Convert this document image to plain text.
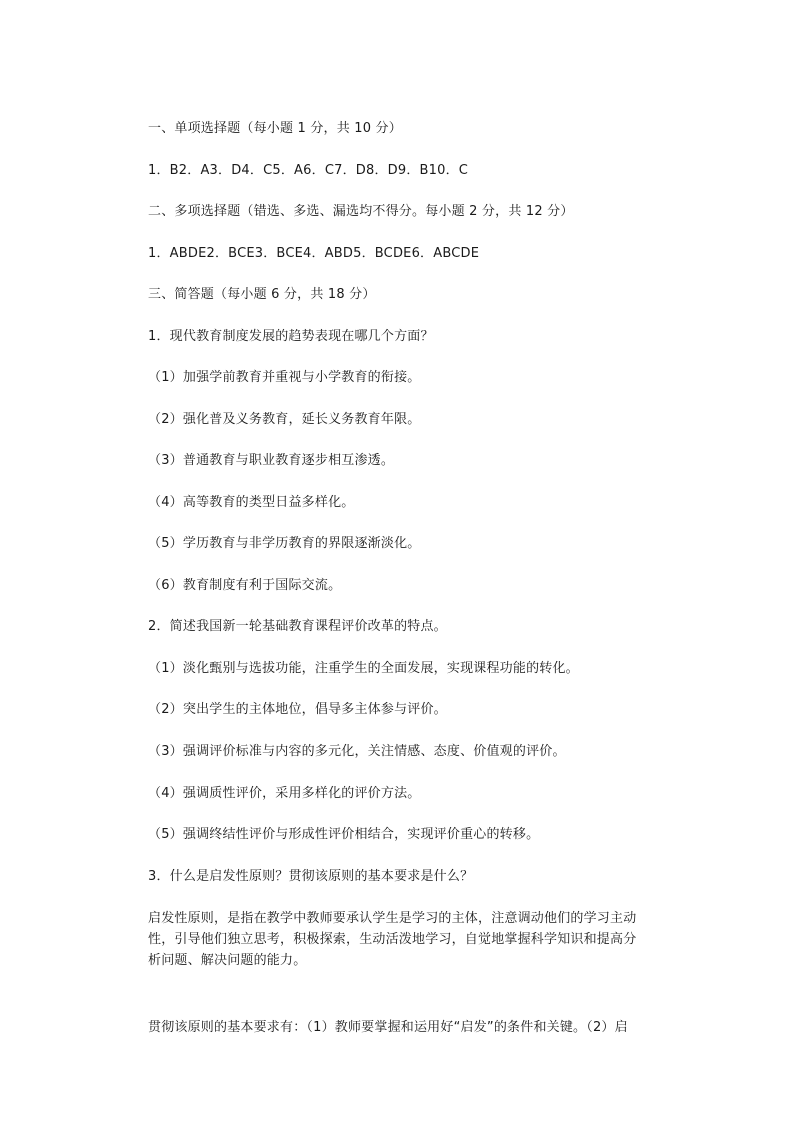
一、单项选择题（每小题 1 分，共 10 分）
1．B2．A3．D4．C5．A6．C7．D8．D9．B10．C
二、多项选择题（错选、多选、漏选均不得分。每小题 2 分，共 12 分）
1．ABDE2．BCE3．BCE4．ABD5．BCDE6．ABCDE
三、简答题（每小题 6 分，共 18 分）
1．现代教育制度发展的趋势表现在哪几个方面？
（1）加强学前教育并重视与小学教育的衔接。
（2）强化普及义务教育，延长义务教育年限。
（3）普通教育与职业教育逐步相互渗透。
（4）高等教育的类型日益多样化。
（5）学历教育与非学历教育的界限逐渐淡化。
（6）教育制度有利于国际交流。
2．简述我国新一轮基础教育课程评价改革的特点。
（1）淡化甄别与选拔功能，注重学生的全面发展，实现课程功能的转化。
（2）突出学生的主体地位，倡导多主体参与评价。
（3）强调评价标准与内容的多元化，关注情感、态度、价值观的评价。
（4）强调质性评价，采用多样化的评价方法。
（5）强调终结性评价与形成性评价相结合，实现评价重心的转移。
3．什么是启发性原则？贯彻该原则的基本要求是什么？
启发性原则，是指在教学中教师要承认学生是学习的主体，注意调动他们的学习主动性，引导他们独立思考，积极探索，生动活泼地学习，自觉地掌握科学知识和提高分析问题、解决问题的能力。
贯彻该原则的基本要求有：（1）教师要掌握和运用好“启发”的条件和关键。（2）启
